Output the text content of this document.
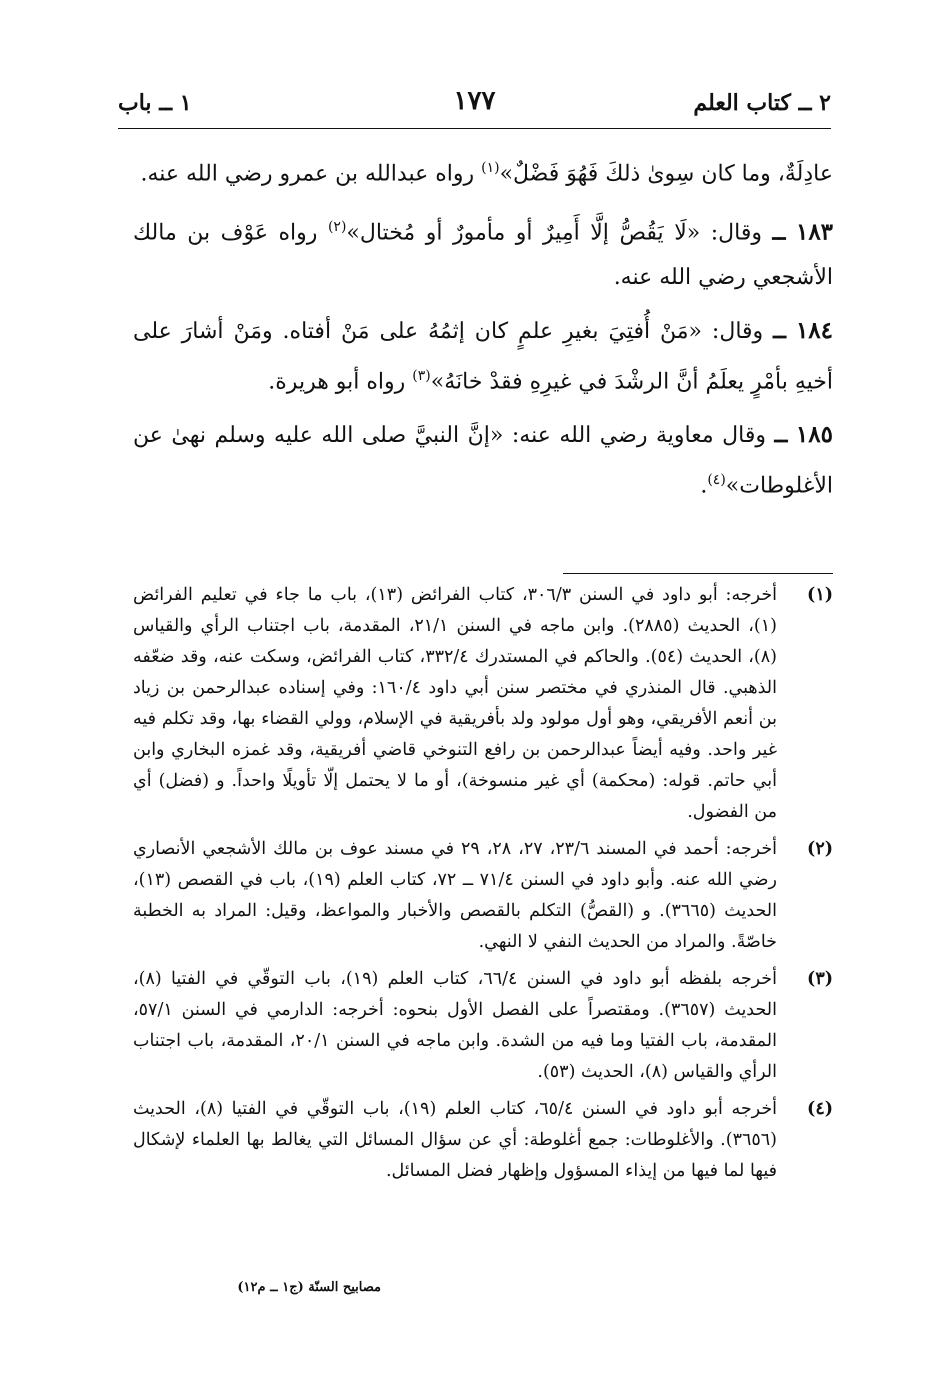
٢ ــ كتاب العلم
١٧٧
١ ــ باب

عادِلَةٌ، وما كان سِوىٰ ذلكَ فَهُوَ فَضْلٌ»$^{(١)}$ رواه عبدالله بن عمرو رضي الله عنه.

١٨٣ ــ وقال: «لَا يَقُصُّ إلَّا أَمِيرٌ أو مأمورٌ أو مُختال»$^{(٢)}$ رواه عَوْف بن مالك الأشجعي رضي الله عنه.

١٨٤ ــ وقال: «مَنْ أُفتِيَ بغيرِ علمٍ كان إثمُهُ على مَنْ أفتاه. ومَنْ أشارَ على أخيهِ بأمْرٍ يعلَمُ أنَّ الرشْدَ في غيرِهِ فقدْ خانَهُ»$^{(٣)}$ رواه أبو هريرة.

١٨٥ ــ وقال معاوية رضي الله عنه: «إنَّ النبيَّ صلى الله عليه وسلم نهىٰ عن الأغلوطات»$^{(٤)}$.

(١)
أخرجه: أبو داود في السنن ٣٠٦/٣، كتاب الفرائض (١٣)، باب ما جاء في تعليم الفرائض (١)، الحديث (٢٨٨٥). وابن ماجه في السنن ٢١/١، المقدمة، باب اجتناب الرأي والقياس (٨)، الحديث (٥٤). والحاكم في المستدرك ٣٣٢/٤، كتاب الفرائض، وسكت عنه، وقد ضعّفه الذهبي. قال المنذري في مختصر سنن أبي داود ١٦٠/٤: وفي إسناده عبدالرحمن بن زياد بن أنعم الأفريقي، وهو أول مولود ولد بأفريقية في الإسلام، وولي القضاء بها، وقد تكلم فيه غير واحد. وفيه أيضاً عبدالرحمن بن رافع التنوخي قاضي أفريقية، وقد غمزه البخاري وابن أبي حاتم. قوله: (محكمة) أي غير منسوخة)، أو ما لا يحتمل إلّا تأويلًا واحداً. و (فضل) أي من الفضول.
(٢)
أخرجه: أحمد في المسند ٢٣/٦، ٢٧، ٢٨، ٢٩ في مسند عوف بن مالك الأشجعي الأنصاري رضي الله عنه. وأبو داود في السنن ٧١/٤ ــ ٧٢، كتاب العلم (١٩)، باب في القصص (١٣)، الحديث (٣٦٦٥). و (القصُّ) التكلم بالقصص والأخبار والمواعظ، وقيل: المراد به الخطبة خاصّةً. والمراد من الحديث النفي لا النهي.
(٣)
أخرجه بلفظه أبو داود في السنن ٦٦/٤، كتاب العلم (١٩)، باب التوقّي في الفتيا (٨)، الحديث (٣٦٥٧). ومقتصراً على الفصل الأول بنحوه: أخرجه: الدارمي في السنن ٥٧/١، المقدمة، باب الفتيا وما فيه من الشدة. وابن ماجه في السنن ٢٠/١، المقدمة، باب اجتناب الرأي والقياس (٨)، الحديث (٥٣).
(٤)
أخرجه أبو داود في السنن ٦٥/٤، كتاب العلم (١٩)، باب التوقّي في الفتيا (٨)، الحديث (٣٦٥٦). والأغلوطات: جمع أغلوطة: أي عن سؤال المسائل التي يغالط بها العلماء لإشكال فيها لما فيها من إيذاء المسؤول وإظهار فضل المسائل.
مصابيح السنّة (ج١ ــ م١٢)
